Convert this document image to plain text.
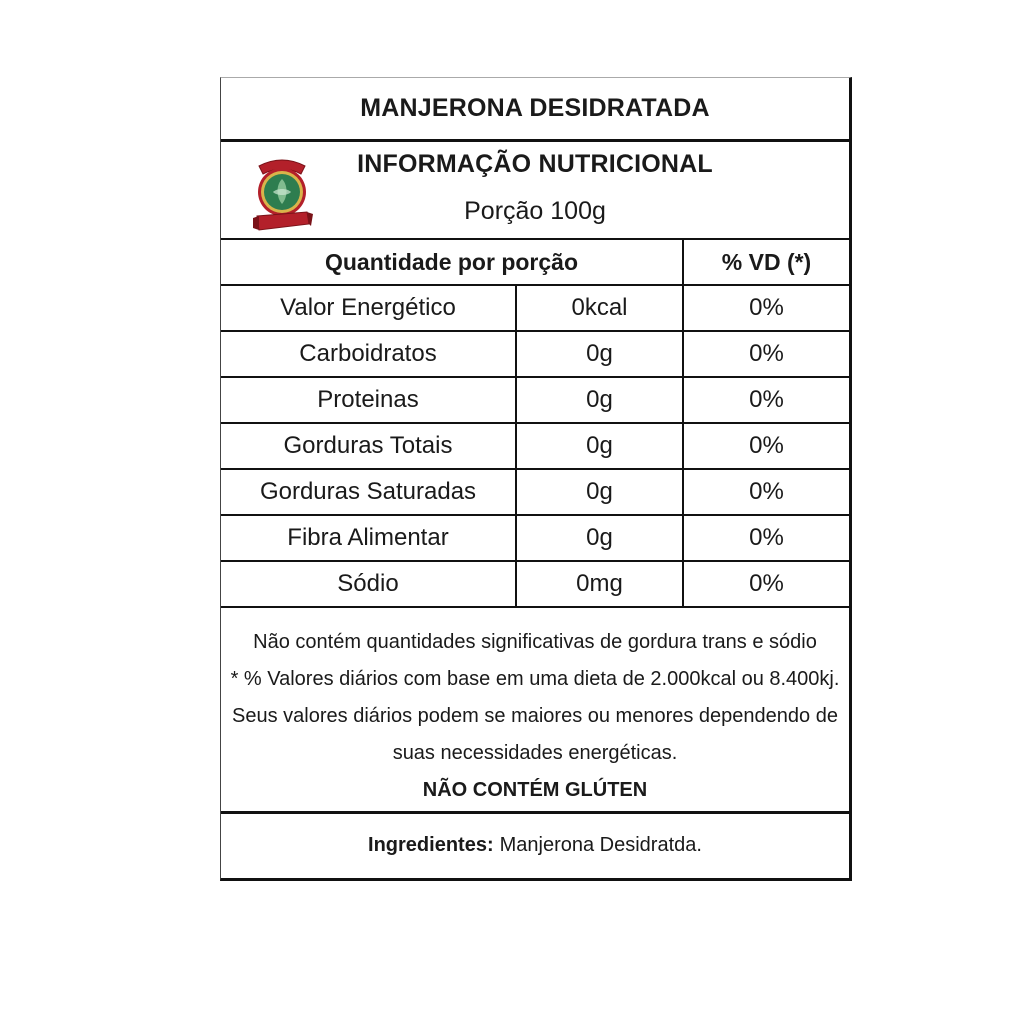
MANJERONA DESIDRATADA
INFORMAÇÃO NUTRICIONAL
Porção 100g
Quantidade por porção	% VD (*)
Valor Energético	0kcal	0%
Carboidratos	0g	0%
Proteinas	0g	0%
Gorduras Totais	0g	0%
Gorduras Saturadas	0g	0%
Fibra Alimentar	0g	0%
Sódio	0mg	0%
Não contém quantidades significativas de gordura trans e sódio
* % Valores diários com base em uma dieta de 2.000kcal ou 8.400kj.
Seus valores diários podem se maiores ou menores dependendo de
suas necessidades energéticas.
NÃO CONTÉM GLÚTEN
Ingredientes: Manjerona Desidratda.
